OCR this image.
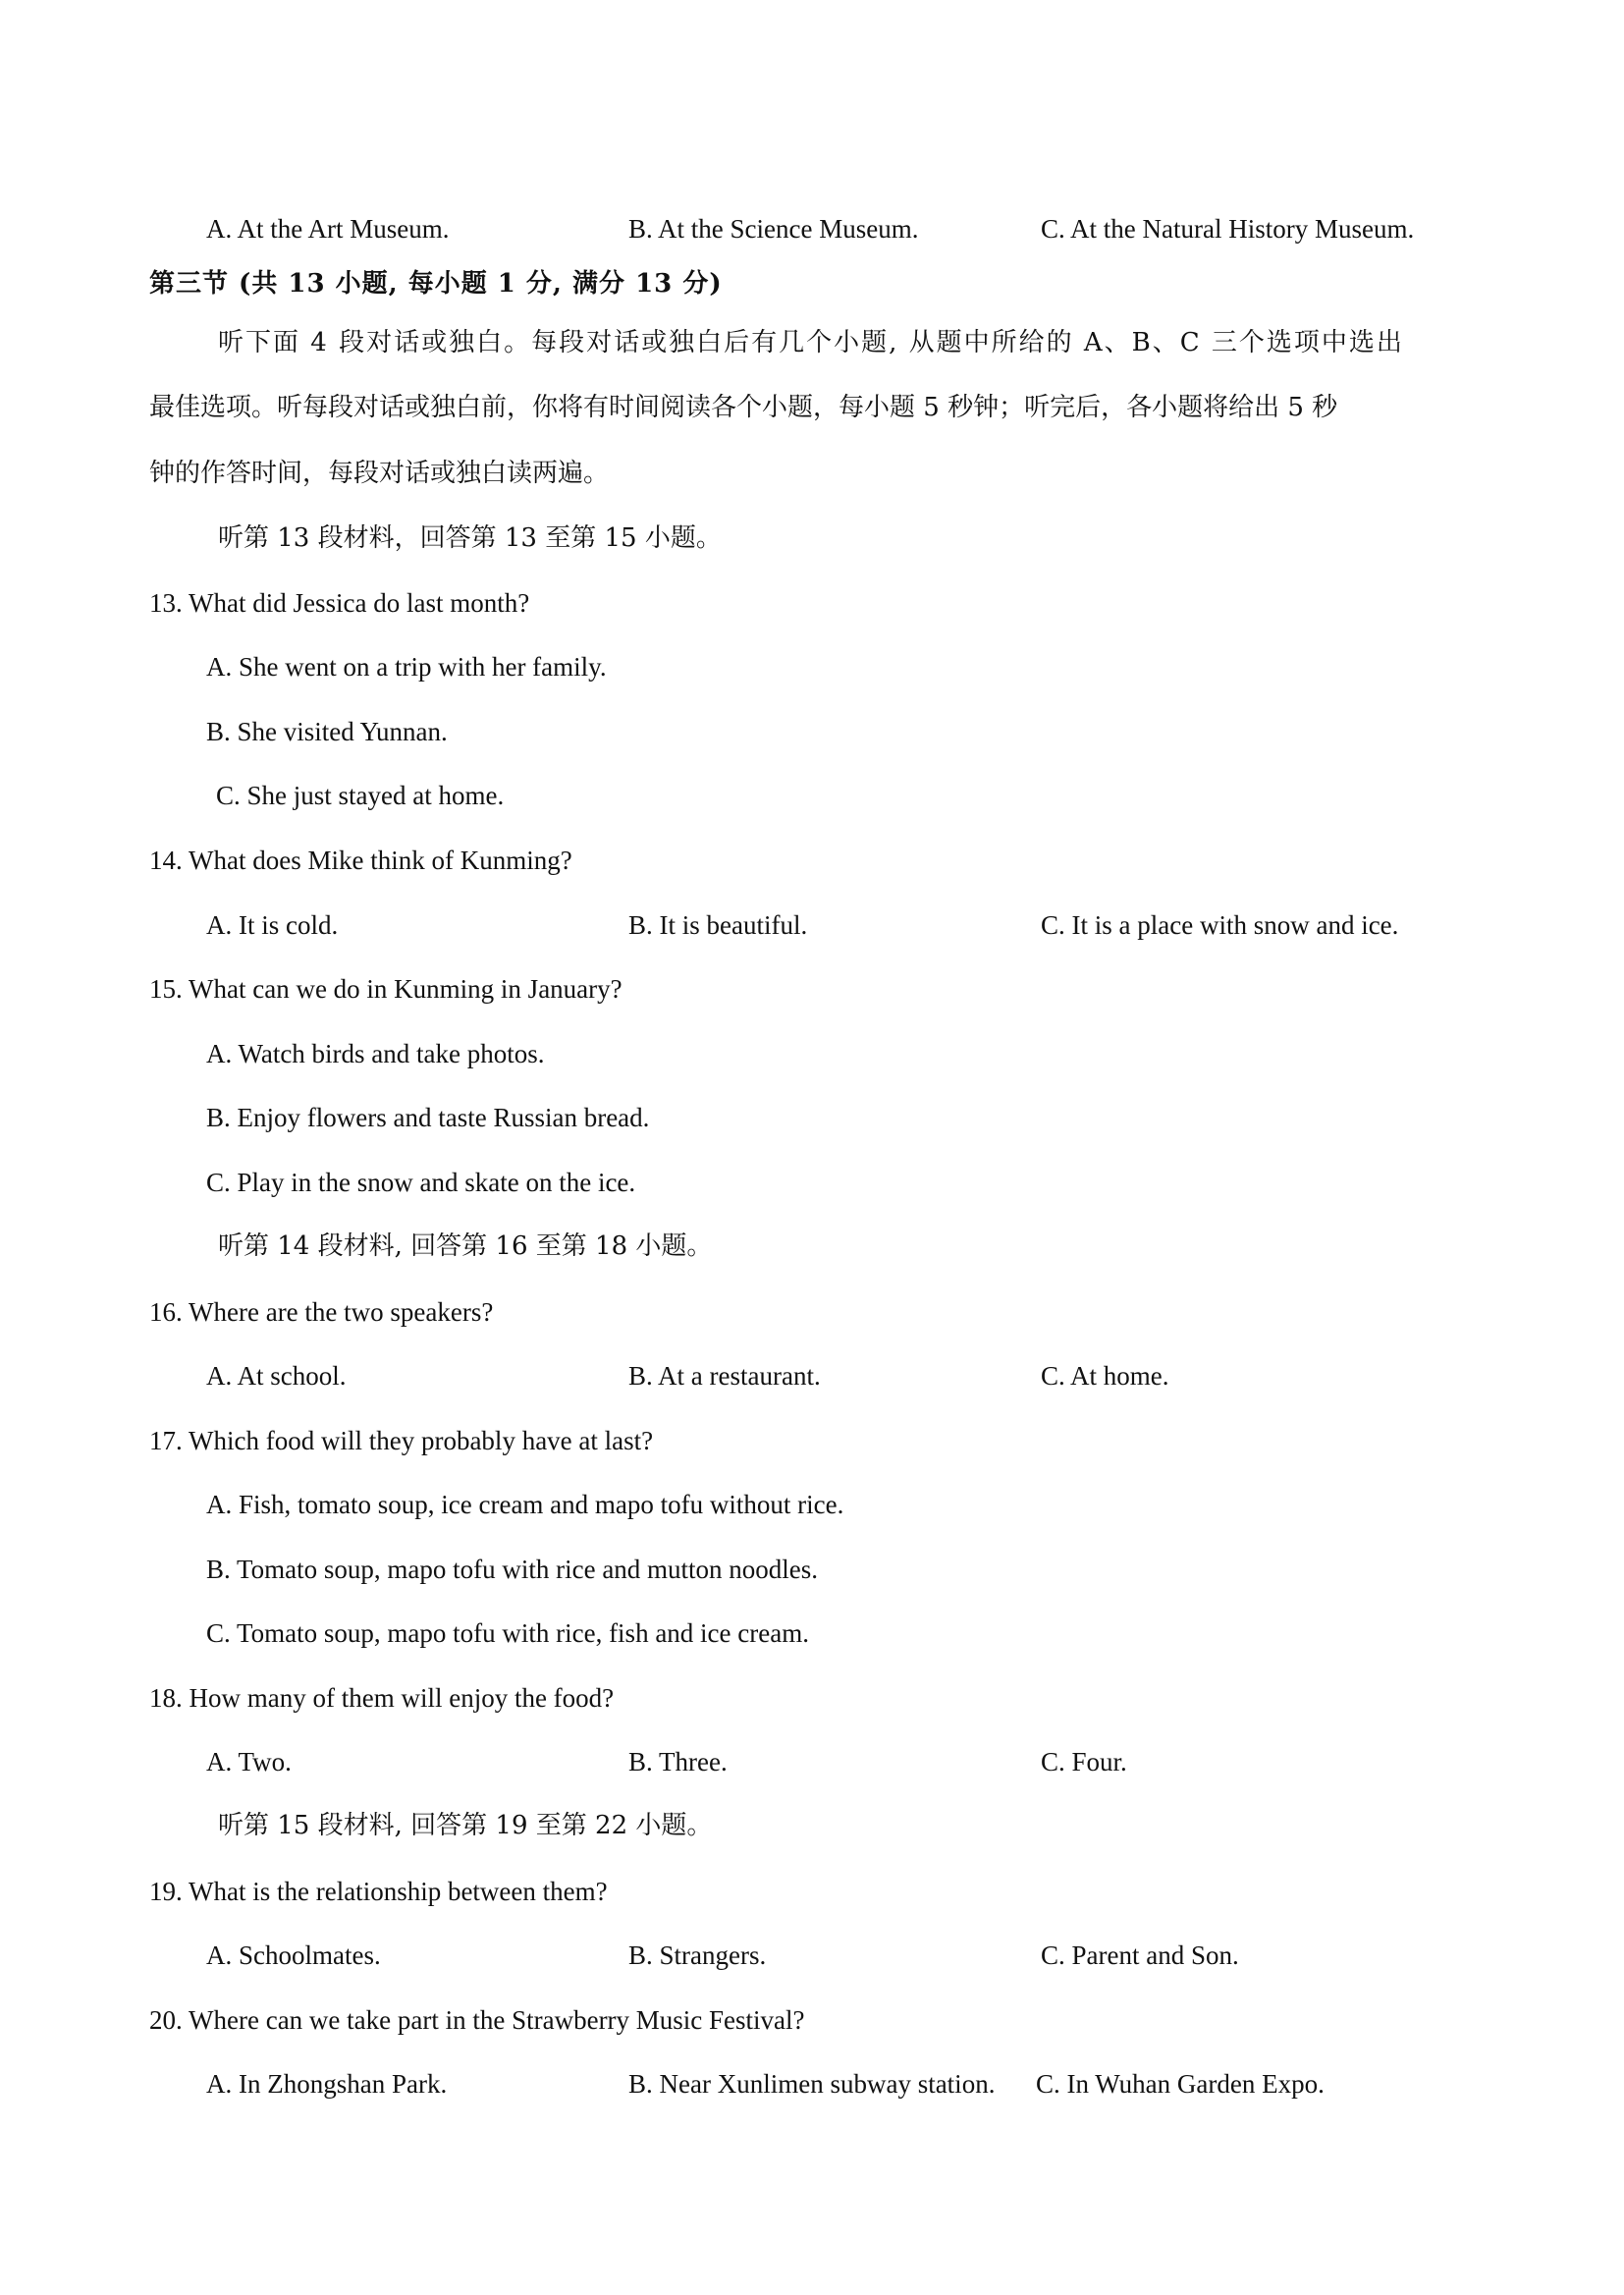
A. At the Art Museum.	B. At the Science Museum.	C. At the Natural History Museum.
第三节 (共 13 小题, 每小题 1 分, 满分 13 分)
听下面 4 段对话或独白。每段对话或独白后有几个小题, 从题中所给的 A、B、C 三个选项中选出
最佳选项。听每段对话或独白前，你将有时间阅读各个小题，每小题 5 秒钟；听完后，各小题将给出 5 秒
钟的作答时间，每段对话或独白读两遍。
听第 13 段材料，回答第 13 至第 15 小题。
13. What did Jessica do last month?
A. She went on a trip with her family.
B. She visited Yunnan.
C. She just stayed at home.
14. What does Mike think of Kunming?
A. It is cold.	B. It is beautiful.	C. It is a place with snow and ice.
15. What can we do in Kunming in January?
A. Watch birds and take photos.
B. Enjoy flowers and taste Russian bread.
C. Play in the snow and skate on the ice.
听第 14 段材料, 回答第 16 至第 18 小题。
16. Where are the two speakers?
A. At school.	B. At a restaurant.	C. At home.
17. Which food will they probably have at last?
A. Fish, tomato soup, ice cream and mapo tofu without rice.
B. Tomato soup, mapo tofu with rice and mutton noodles.
C. Tomato soup, mapo tofu with rice, fish and ice cream.
18. How many of them will enjoy the food?
A. Two.	B. Three.	C. Four.
听第 15 段材料, 回答第 19 至第 22 小题。
19. What is the relationship between them?
A. Schoolmates.	B. Strangers.	C. Parent and Son.
20. Where can we take part in the Strawberry Music Festival?
A. In Zhongshan Park.	B. Near Xunlimen subway station. C. In Wuhan Garden Expo.
